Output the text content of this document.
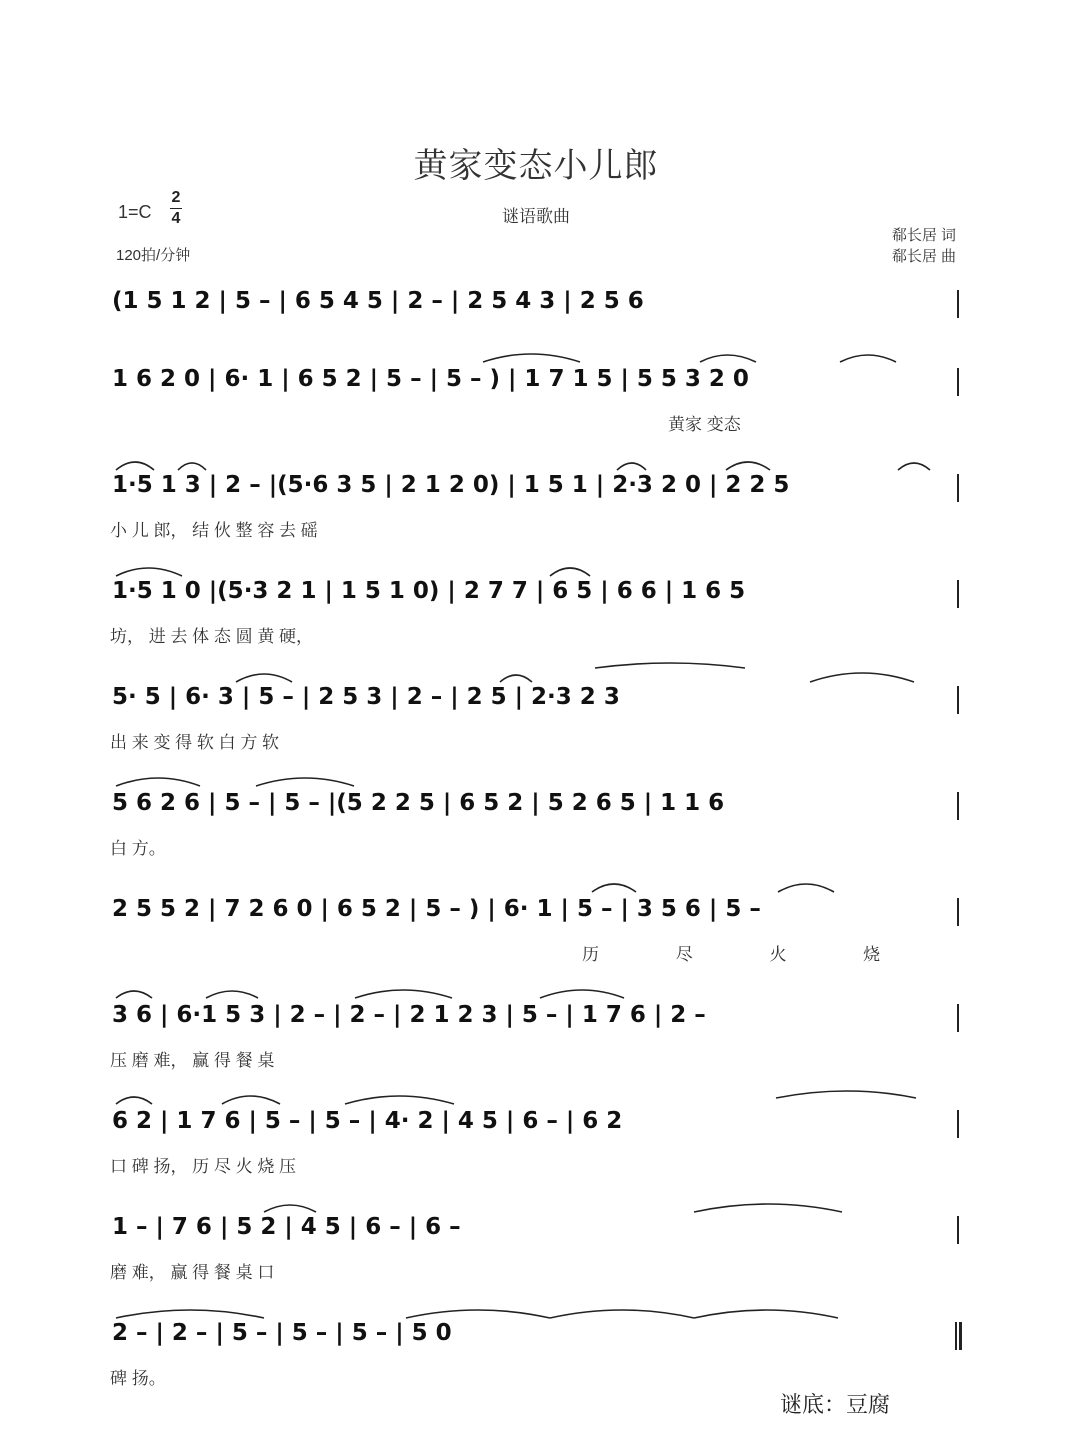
黄家变态小儿郎
谜语歌曲
1=C
2
4
120拍/分钟
郗长居 词
郗长居 曲
(1 5 1 2 | 5 – | 6 5 4 5 | 2 – | 2 5 4 3 | 2 5 6
1 6 2 0 | 6· 1 | 6 5 2 | 5 – | 5 – ) | 1 7 1 5 | 5 5 3 2 0
黄家 变态
1·5 1 3 | 2 – |(5·6 3 5 | 2 1 2 0) | 1 5 1 | 2·3 2 0 | 2 2 5
小 儿 郎， 结 伙 整 容 去 磘
1·5 1 0 |(5·3 2 1 | 1 5 1 0) | 2 7 7 | 6 5 | 6 6 | 1 6 5
坊， 进 去 体 态 圆 黄 硬，
5· 5 | 6· 3 | 5 – | 2 5 3 | 2 – | 2 5 | 2·3 2 3
出 来 变 得 软 白 方 软
5 6 2 6 | 5 – | 5 – |(5 2 2 5 | 6 5 2 | 5 2 6 5 | 1 1 6
白 方。
2 5 5 2 | 7 2 6 0 | 6 5 2 | 5 – ) | 6· 1 | 5 – | 3 5 6 | 5 –
历 尽 火 烧
3 6 | 6·1 5 3 | 2 – | 2 – | 2 1 2 3 | 5 – | 1 7 6 | 2 –
压 磨 难， 赢 得 餐 桌
6 2 | 1 7 6 | 5 – | 5 – | 4· 2 | 4 5 | 6 – | 6 2
口 碑 扬， 历 尽 火 烧 压
1 – | 7 6 | 5 2 | 4 5 | 6 – | 6 –
磨 难， 赢 得 餐 桌 口
2 – | 2 – | 5 – | 5 – | 5 – | 5 0
碑 扬。
谜底：豆腐
